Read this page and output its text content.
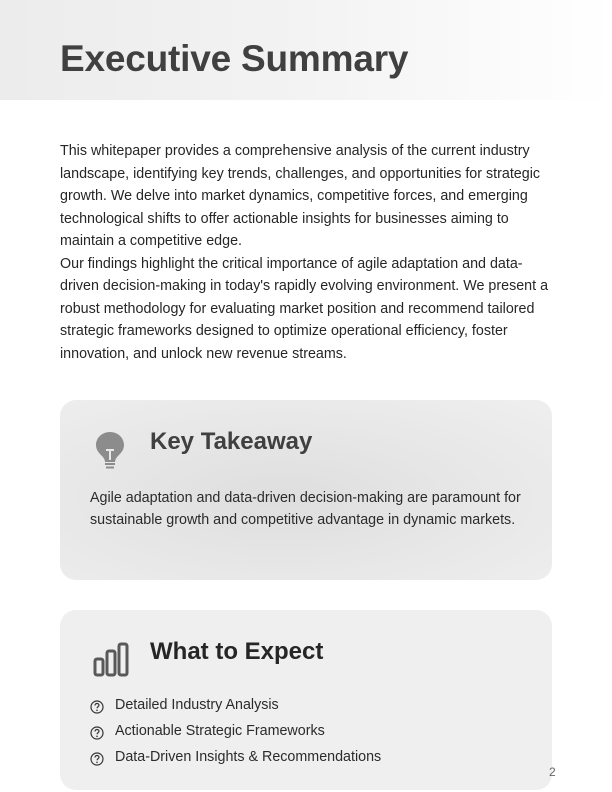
Executive Summary

This whitepaper provides a comprehensive analysis of the current industry landscape, identifying key trends, challenges, and opportunities for strategic growth. We delve into market dynamics, competitive forces, and emerging technological shifts to offer actionable insights for businesses aiming to maintain a competitive edge.

Our findings highlight the critical importance of agile adaptation and data-driven decision-making in today's rapidly evolving environment. We present a robust methodology for evaluating market position and recommend tailored strategic frameworks designed to optimize operational efficiency, foster innovation, and unlock new revenue streams.

Key Takeaway

Agile adaptation and data-driven decision-making are paramount for sustainable growth and competitive advantage in dynamic markets.

What to Expect
Detailed Industry Analysis
Actionable Strategic Frameworks
Data-Driven Insights & Recommendations
2
